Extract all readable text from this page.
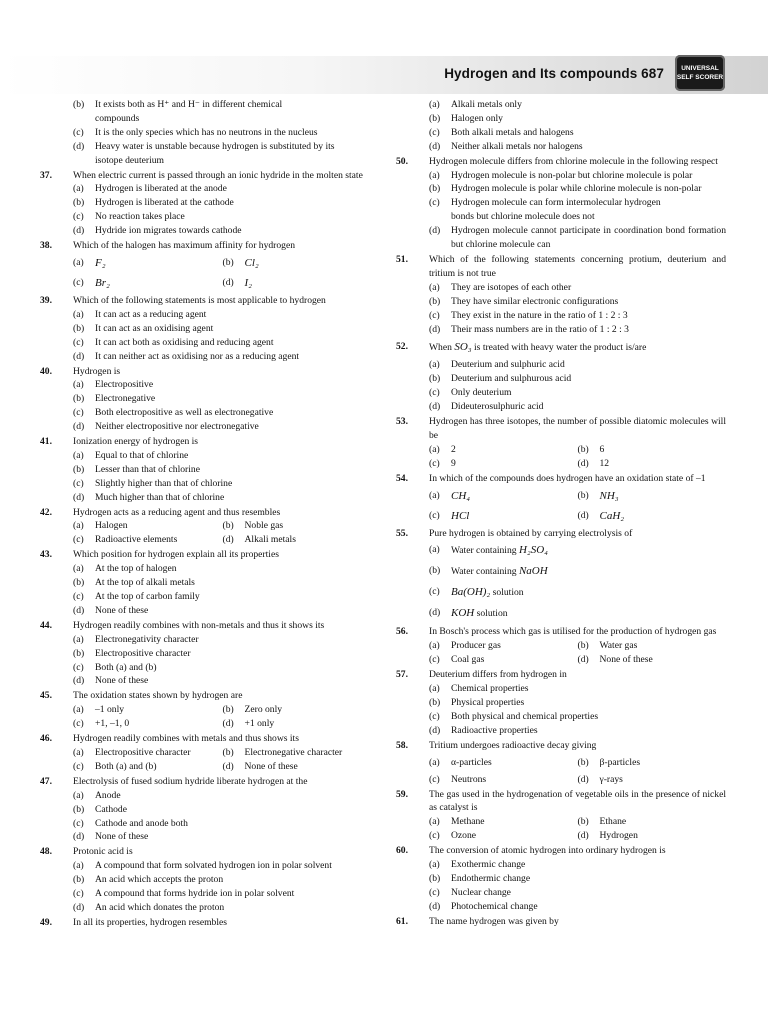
Hydrogen and Its compounds 687	UNIVERSAL
SELF SCORER
(b)	It exists both as H⁺ and H⁻ in different chemical
compounds
(c)	It is the only species which has no neutrons in the nucleus
(d)	Heavy water is unstable because hydrogen is substituted by its
isotope deuterium
37.	When electric current is passed through an ionic hydride in the molten state
(a)	Hydrogen is liberated at the anode
(b)	Hydrogen is liberated at the cathode
(c)	No reaction takes place
(d)	Hydride ion migrates towards cathode
38.	Which of the halogen has maximum affinity for hydrogen
(a)	F₂	(b) Cl₂
(c)	Br₂	(d) I₂
39.	Which of the following statements is most applicable to hydrogen
(a)	It can act as a reducing agent
(b)	It can act as an oxidising agent
(c)	It can act both as oxidising and reducing agent
(d)	It can neither act as oxidising nor as a reducing agent
40.	Hydrogen is
(a)	Electropositive
(b)	Electronegative
(c)	Both electropositive as well as electronegative
(d)	Neither electropositive nor electronegative
41.	Ionization energy of hydrogen is
(a)	Equal to that of chlorine
(b)	Lesser than that of chlorine
(c)	Slightly higher than that of chlorine
(d)	Much higher than that of chlorine
42.	Hydrogen acts as a reducing agent and thus resembles
(a)	Halogen	(b)	Noble gas
(c)	Radioactive elements	(d)	Alkali metals
43.	Which position for hydrogen explain all its properties
(a)	At the top of halogen
(b)	At the top of alkali metals
(c)	At the top of carbon family
(d)	None of these
44.	Hydrogen readily combines with non-metals and thus it shows its
(a)	Electronegativity character
(b)	Electropositive character
(c)	Both (a) and (b)
(d)	None of these
45.	The oxidation states shown by hydrogen are
(a)	–1 only	(b)	Zero only
(c)	+1, –1, 0	(d)	+1 only
46.	Hydrogen readily combines with metals and thus shows its
(a)	Electropositive character	(b)	Electronegative character
(c)	Both (a) and (b)	(d)	None of these
47.	Electrolysis of fused sodium hydride liberate hydrogen at the
(a)	Anode
(b)	Cathode
(c)	Cathode and anode both
(d)	None of these
48.	Protonic acid is
(a)	A compound that form solvated hydrogen ion in polar solvent
(b)	An acid which accepts the proton
(c)	A compound that forms hydride ion in polar solvent
(d)	An acid which donates the proton
49.	In all its properties, hydrogen resembles
(a)	Alkali metals only
(b)	Halogen only
(c)	Both alkali metals and halogens
(d)	Neither alkali metals nor halogens
50.	Hydrogen molecule differs from chlorine molecule in the following respect
(a)	Hydrogen molecule is non-polar but chlorine molecule is polar
(b)	Hydrogen molecule is polar while chlorine molecule is non-polar
(c)	Hydrogen molecule can form intermolecular hydrogen
bonds but chlorine molecule does not
(d)	Hydrogen molecule cannot participate in coordination bond formation but chlorine molecule can
51.	Which of the following statements concerning protium, deuterium and tritium is not true
(a)	They are isotopes of each other
(b)	They have similar electronic configurations
(c)	They exist in the nature in the ratio of 1 : 2 : 3
(d)	Their mass numbers are in the ratio of 1 : 2 : 3
52.	When SO₃ is treated with heavy water the product is/are
(a)	Deuterium and sulphuric acid
(b)	Deuterium and sulphurous acid
(c)	Only deuterium
(d)	Dideuterosulphuric acid
53.	Hydrogen has three isotopes, the number of possible diatomic molecules will be
(a)	2	(b)	6
(c)	9	(d)	12
54.	In which of the compounds does hydrogen have an oxidation state of –1
(a)	CH₄	(b) NH₃
(c)	HCl	(d) CaH₂
55.	Pure hydrogen is obtained by carrying electrolysis of
(a)	Water containing H₂SO₄
(b)	Water containing NaOH
(c)	Ba(OH)₂ solution
(d) KOH solution
56.	In Bosch's process which gas is utilised for the production of hydrogen gas
(a)	Producer gas	(b)	Water gas
(c)	Coal gas	(d)	None of these
57.	Deuterium differs from hydrogen in
(a)	Chemical properties
(b)	Physical properties
(c)	Both physical and chemical properties
(d)	Radioactive properties
58.	Tritium undergoes radioactive decay giving
(a)	α-particles	(b)	β-particles
(c)	Neutrons	(d)	γ-rays
59.	The gas used in the hydrogenation of vegetable oils in the presence of nickel as catalyst is
(a)	Methane	(b)	Ethane
(c)	Ozone	(d)	Hydrogen
60.	The conversion of atomic hydrogen into ordinary hydrogen is
(a)	Exothermic change
(b)	Endothermic change
(c)	Nuclear change
(d)	Photochemical change
61.	The name hydrogen was given by
